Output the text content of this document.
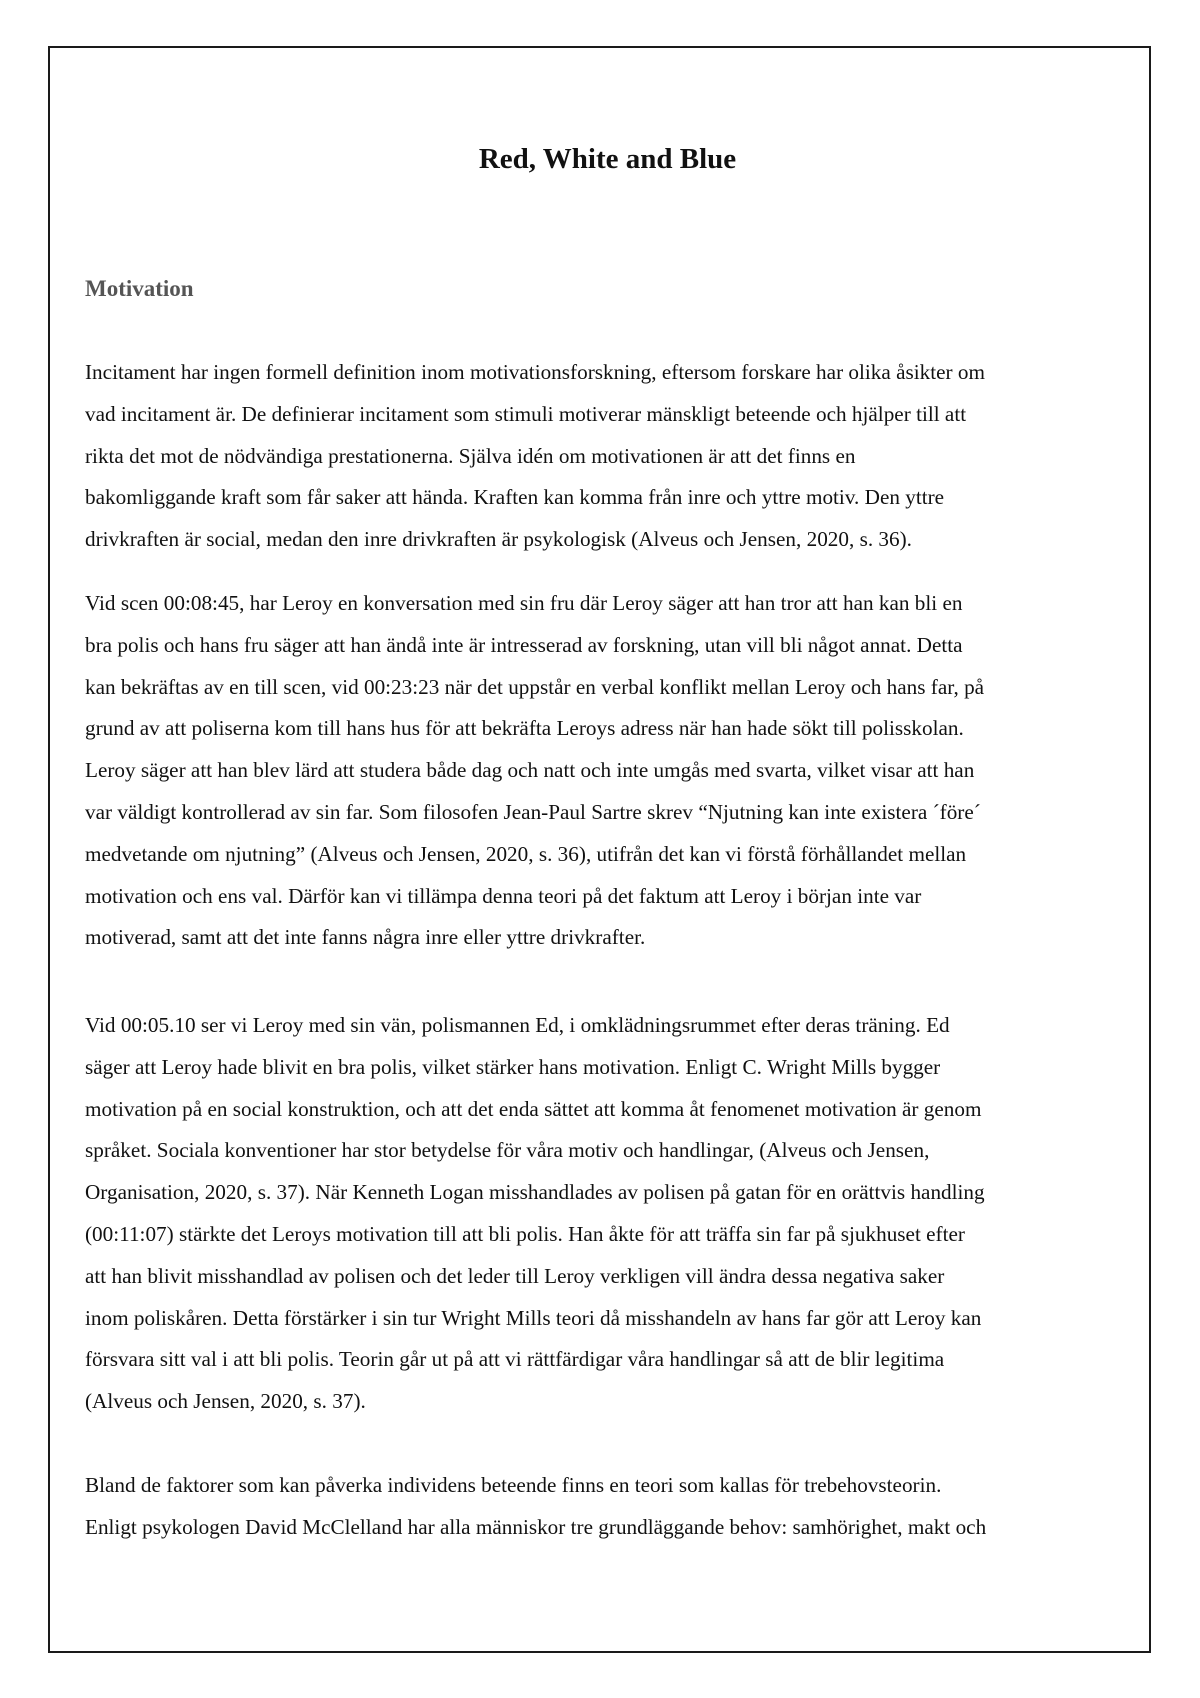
Red, White and Blue
Motivation

Incitament har ingen formell definition inom motivationsforskning, eftersom forskare har olika åsikter om
vad incitament är. De definierar incitament som stimuli motiverar mänskligt beteende och hjälper till att
rikta det mot de nödvändiga prestationerna. Själva idén om motivationen är att det finns en
bakomliggande kraft som får saker att hända. Kraften kan komma från inre och yttre motiv. Den yttre
drivkraften är social, medan den inre drivkraften är psykologisk (Alveus och Jensen, 2020, s. 36).

Vid scen 00:08:45, har Leroy en konversation med sin fru där Leroy säger att han tror att han kan bli en
bra polis och hans fru säger att han ändå inte är intresserad av forskning, utan vill bli något annat. Detta
kan bekräftas av en till scen, vid 00:23:23 när det uppstår en verbal konflikt mellan Leroy och hans far, på
grund av att poliserna kom till hans hus för att bekräfta Leroys adress när han hade sökt till polisskolan.
Leroy säger att han blev lärd att studera både dag och natt och inte umgås med svarta, vilket visar att han
var väldigt kontrollerad av sin far. Som filosofen Jean-Paul Sartre skrev “Njutning kan inte existera ´före´
medvetande om njutning” (Alveus och Jensen, 2020, s. 36), utifrån det kan vi förstå förhållandet mellan
motivation och ens val. Därför kan vi tillämpa denna teori på det faktum att Leroy i början inte var
motiverad, samt att det inte fanns några inre eller yttre drivkrafter.

Vid 00:05.10 ser vi Leroy med sin vän, polismannen Ed, i omklädningsrummet efter deras träning. Ed
säger att Leroy hade blivit en bra polis, vilket stärker hans motivation. Enligt C. Wright Mills bygger
motivation på en social konstruktion, och att det enda sättet att komma åt fenomenet motivation är genom
språket. Sociala konventioner har stor betydelse för våra motiv och handlingar, (Alveus och Jensen,
Organisation, 2020, s. 37). När Kenneth Logan misshandlades av polisen på gatan för en orättvis handling
(00:11:07) stärkte det Leroys motivation till att bli polis. Han åkte för att träffa sin far på sjukhuset efter
att han blivit misshandlad av polisen och det leder till Leroy verkligen vill ändra dessa negativa saker
inom poliskåren. Detta förstärker i sin tur Wright Mills teori då misshandeln av hans far gör att Leroy kan
försvara sitt val i att bli polis. Teorin går ut på att vi rättfärdigar våra handlingar så att de blir legitima
(Alveus och Jensen, 2020, s. 37).

Bland de faktorer som kan påverka individens beteende finns en teori som kallas för trebehovsteorin.
Enligt psykologen David McClelland har alla människor tre grundläggande behov: samhörighet, makt och
